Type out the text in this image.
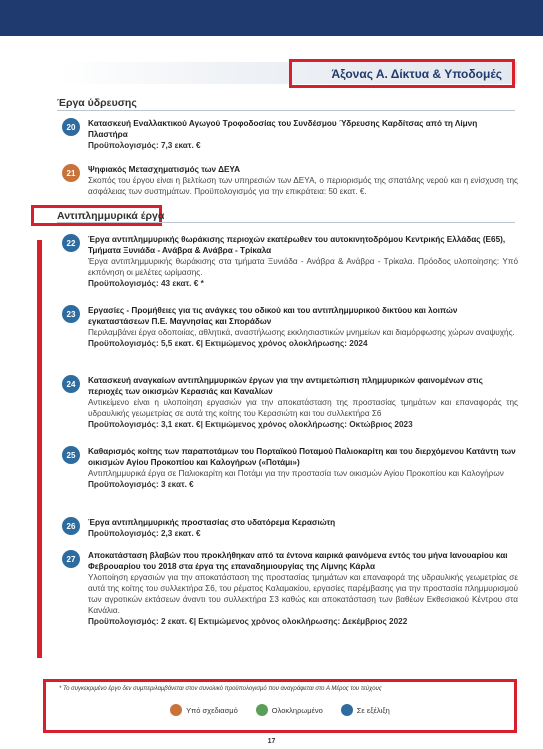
Άξονας Α. Δίκτυα & Υποδομές
Έργα ύδρευσης
20	Κατασκευή Εναλλακτικού Αγωγού Τροφοδοσίας του Συνδέσμου Ύδρευσης Καρδίτσας από τη Λίμνη Πλαστήρα
Προϋπολογισμός: 7,3 εκατ. €
21	Ψηφιακός Μετασχηματισμός των ΔΕΥΑ
Σκοπός του έργου είναι η βελτίωση των υπηρεσιών των ΔΕΥΑ, ο περιορισμός της σπατάλης νερού και η ενίσχυση της ασφάλειας των συστημάτων. Προϋπολογισμός για την επικράτεια: 50 εκατ. €.
Αντιπλημμυρικά έργα
22	Έργα αντιπλημμυρικής θωράκισης περιοχών εκατέρωθεν του αυτοκινητοδρόμου Κεντρικής Ελλάδας (Ε65), Τμήματα Ξυνιάδα - Ανάβρα & Ανάβρα - Τρίκαλα
Έργα αντιπλημμυρικής θωράκισης στα τμήματα Ξυνιάδα - Ανάβρα & Ανάβρα - Τρίκαλα. Πρόοδος υλοποίησης: Υπό εκπόνηση οι μελέτες ωρίμασης.
Προϋπολογισμός: 43 εκατ. € *
23	Εργασίες - Προμήθειες για τις ανάγκες του οδικού και του αντιπλημμυρικού δικτύου και λοιπών εγκαταστάσεων Π.Ε. Μαγνησίας και Σποράδων
Περιλαμβάνει έργα οδοποιίας, αθλητικά, αναστήλωσης εκκλησιαστικών μνημείων και διαμόρφωσης χώρων αναψυχής.
Προϋπολογισμός: 5,5 εκατ. €| Εκτιμώμενος χρόνος ολοκλήρωσης: 2024
24	Κατασκευή αναγκαίων αντιπλημμυρικών έργων για την αντιμετώπιση πλημμυρικών φαινομένων στις περιοχές των οικισμών Κερασιάς και Καναλίων
Αντικείμενο είναι η υλοποίηση εργασιών για την αποκατάσταση της προστασίας τμημάτων και επαναφοράς της υδραυλικής γεωμετρίας σε αυτά της κοίτης του Κερασιώτη και του συλλεκτήρα Σ6
Προϋπολογισμός: 3,1 εκατ. €| Εκτιμώμενος χρόνος ολοκλήρωσης: Οκτώβριος 2023
25	Καθαρισμός κοίτης των παραποτάμων του Πορταϊκού Ποταμού Παλιοκαρίτη και του διερχόμενου Κατάντη των οικισμών Αγίου Προκοπίου και Καλογήρων («Ποτάμι»)
Αντιπλημμυρικά έργα σε Παλιοκαρίτη και Ποτάμι για την προστασία των οικισμών Αγίου Προκοπίου και Καλογήρων
Προϋπολογισμός: 3 εκατ. €
26	Έργα αντιπλημμυρικής προστασίας στο υδατόρεμα Κερασιώτη
Προϋπολογισμός: 2,3 εκατ. €
27	Αποκατάσταση βλαβών που προκλήθηκαν από τα έντονα καιρικά φαινόμενα εντός του μήνα Ιανουαρίου και Φεβρουαρίου του 2018 στα έργα της επαναδημιουργίας της Λίμνης Κάρλα
Υλοποίηση εργασιών για την αποκατάσταση της προστασίας τμημάτων και επαναφορά της υδραυλικής γεωμετρίας σε αυτά της κοίτης του συλλεκτήρα Σ6, του ρέματος Καλαμακίου, εργασίες παρέμβασης για την προστασία πλημμυρισμού των αγροτικών εκτάσεων άναντι του συλλεκτήρα Σ3 καθώς και αποκατάσταση των βαθέων Εκθεσιακού Κέντρου στα Κανάλια.
Προϋπολογισμός: 2 εκατ. €| Εκτιμώμενος χρόνος ολοκλήρωσης: Δεκέμβριος 2022
* Το συγκεκριμένο έργο δεν συμπεριλαμβάνεται στον συνολικό προϋπολογισμό που αναγράφεται στο Α Μέρος του τεύχους
Υπό σχεδιασμό	Ολοκληρωμένο	Σε εξέλιξη
17
